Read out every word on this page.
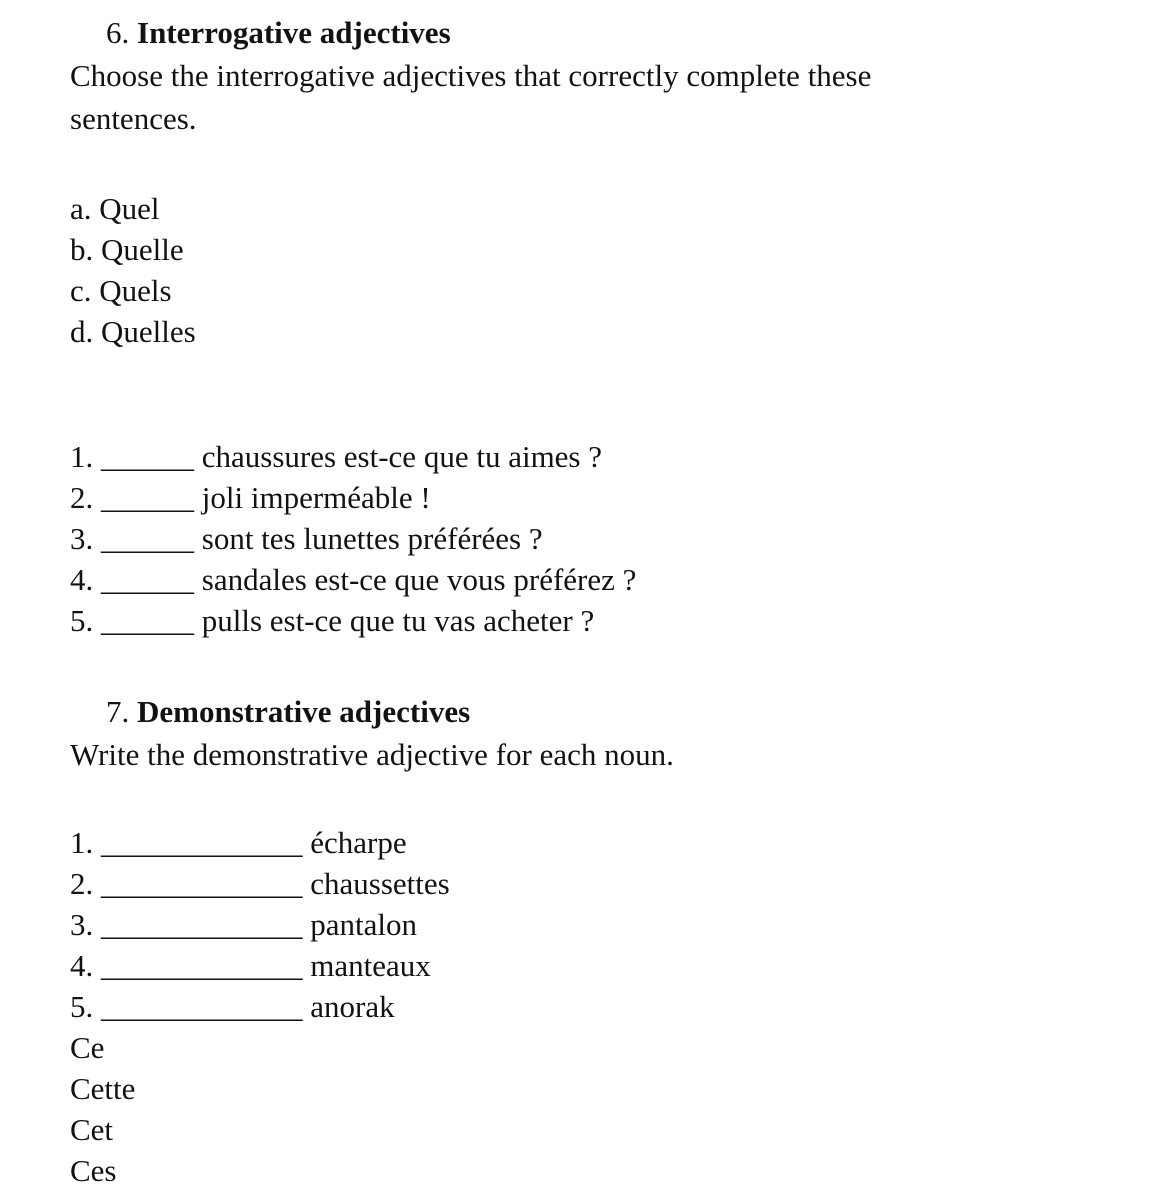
6. Interrogative adjectives
Choose the interrogative adjectives that correctly complete these sentences.
a. Quel
b. Quelle
c. Quels
d. Quelles
1. ______ chaussures est-ce que tu aimes ?
2. ______ joli imperméable !
3. ______ sont tes lunettes préférées ?
4. ______ sandales est-ce que vous préférez ?
5. ______ pulls est-ce que tu vas acheter ?
7. Demonstrative adjectives
Write the demonstrative adjective for each noun.
1. _____________ écharpe
2. _____________ chaussettes
3. _____________ pantalon
4. _____________ manteaux
5. _____________ anorak
Ce
Cette
Cet
Ces
